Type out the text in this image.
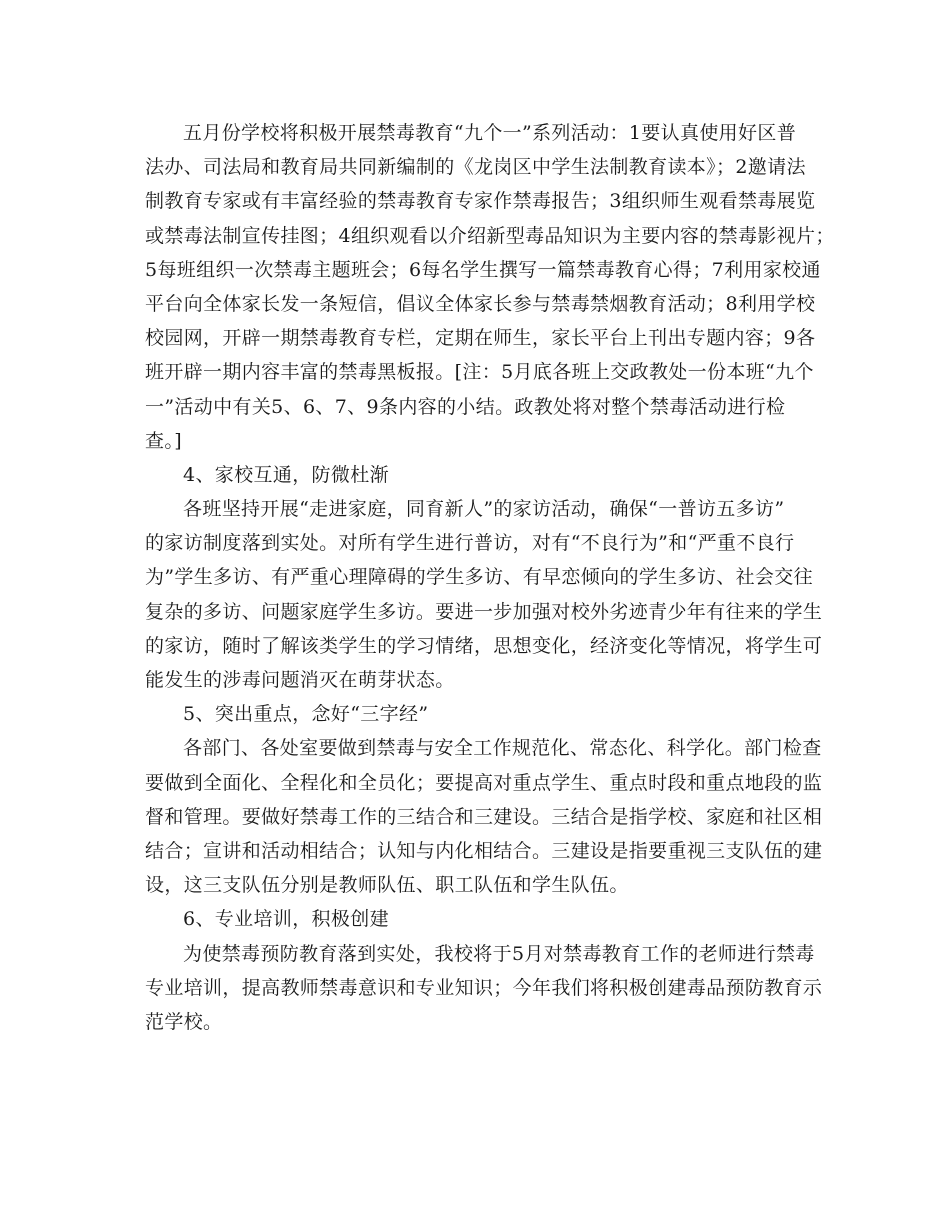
五月份学校将积极开展禁毒教育“九个一”系列活动：1要认真使用好区普
法办、司法局和教育局共同新编制的《龙岗区中学生法制教育读本》；2邀请法
制教育专家或有丰富经验的禁毒教育专家作禁毒报告；3组织师生观看禁毒展览
或禁毒法制宣传挂图；4组织观看以介绍新型毒品知识为主要内容的禁毒影视片；
5每班组织一次禁毒主题班会；6每名学生撰写一篇禁毒教育心得；7利用家校通
平台向全体家长发一条短信，倡议全体家长参与禁毒禁烟教育活动；8利用学校
校园网，开辟一期禁毒教育专栏，定期在师生，家长平台上刊出专题内容；9各
班开辟一期内容丰富的禁毒黑板报。[注：5月底各班上交政教处一份本班“九个
一”活动中有关5、6、7、9条内容的小结。政教处将对整个禁毒活动进行检
查。]
4、家校互通，防微杜渐
各班坚持开展“走进家庭，同育新人”的家访活动，确保“一普访五多访”
的家访制度落到实处。对所有学生进行普访，对有“不良行为”和“严重不良行
为”学生多访、有严重心理障碍的学生多访、有早恋倾向的学生多访、社会交往
复杂的多访、问题家庭学生多访。要进一步加强对校外劣迹青少年有往来的学生
的家访，随时了解该类学生的学习情绪，思想变化，经济变化等情况，将学生可
能发生的涉毒问题消灭在萌芽状态。
5、突出重点，念好“三字经”
各部门、各处室要做到禁毒与安全工作规范化、常态化、科学化。部门检查
要做到全面化、全程化和全员化；要提高对重点学生、重点时段和重点地段的监
督和管理。要做好禁毒工作的三结合和三建设。三结合是指学校、家庭和社区相
结合；宣讲和活动相结合；认知与内化相结合。三建设是指要重视三支队伍的建
设，这三支队伍分别是教师队伍、职工队伍和学生队伍。
6、专业培训，积极创建
为使禁毒预防教育落到实处，我校将于5月对禁毒教育工作的老师进行禁毒
专业培训，提高教师禁毒意识和专业知识；今年我们将积极创建毒品预防教育示
范学校。
